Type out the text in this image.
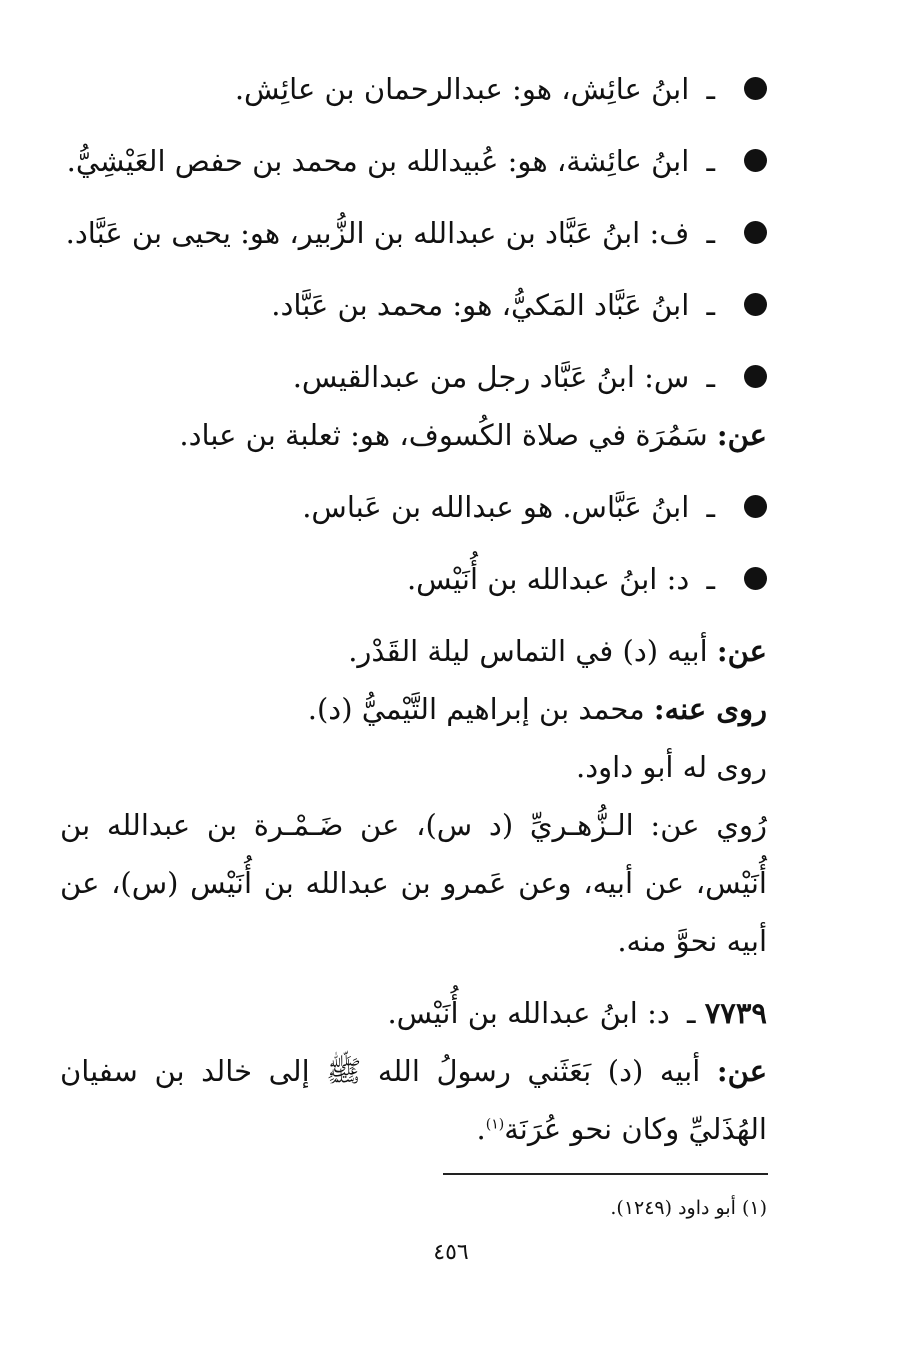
ـ ابنُ عائِش، هو: عبدالرحمان بن عائِش.

ـ ابنُ عائِشة، هو: عُبيدالله بن محمد بن حفص العَيْشِيُّ.

ـ ف: ابنُ عَبَّاد بن عبدالله بن الزُّبير، هو: يحيى بن عَبَّاد.

ـ ابنُ عَبَّاد المَكيُّ، هو: محمد بن عَبَّاد.

ـ س: ابنُ عَبَّاد رجل من عبدالقيس.

عن: سَمُرَة في صلاة الكُسوف، هو: ثعلبة بن عباد.

ـ ابنُ عَبَّاس. هو عبدالله بن عَباس.

ـ د: ابنُ عبدالله بن أُنَيْس.

عن: أبيه (د) في التماس ليلة القَدْر.

روى عنه: محمد بن إبراهيم التَّيْميُّ (د).

روى له أبو داود.

رُوي عن: الـزُّهـريِّ (د س)، عن ضَـمْـرة بن عبدالله بن أُنَيْس، عن أبيه، وعن عَمرو بن عبدالله بن أُنَيْس (س)، عن أبيه نحوَّ منه.

٧٧٣٩ ـ د: ابنُ عبدالله بن أُنَيْس.

عن: أبيه (د) بَعَثَني رسولُ الله ﷺ إلى خالد بن سفيان الهُذَليِّ وكان نحو عُرَنَة$^{(١)}$.

(١) أبو داود (١٢٤٩).
٤٥٦
